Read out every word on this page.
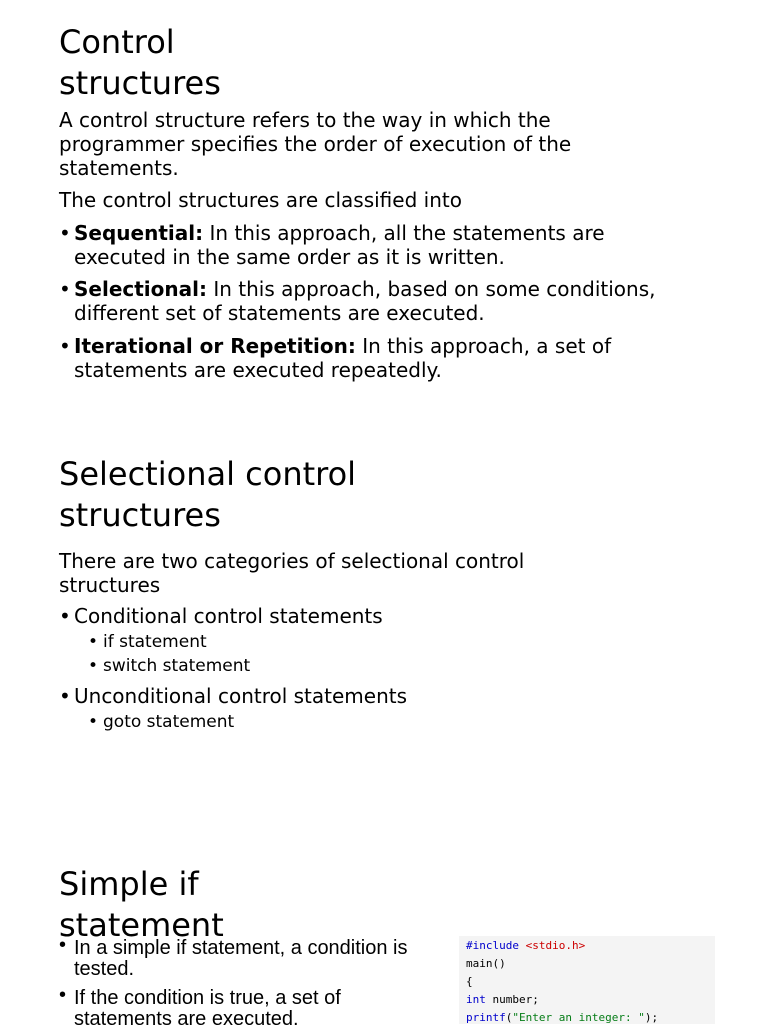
Control
structures

A control structure refers to the way in which the programmer specifies the order of execution of the statements.

The control structures are classified into

• Sequential: In this approach, all the statements are executed in the same order as it is written.
• Selectional: In this approach, based on some conditions, different set of statements are executed.
• Iterational or Repetition: In this approach, a set of statements are executed repeatedly.
Selectional control
structures

There are two categories of selectional control structures

• Conditional control statements
• if statement
• switch statement
• Unconditional control statements
• goto statement
Simple if
statement
• In a simple if statement, a condition is tested.
• If the condition is true, a set of statements are executed.
#include <stdio.h>
main()
{
int number;
printf("Enter an integer: ");
